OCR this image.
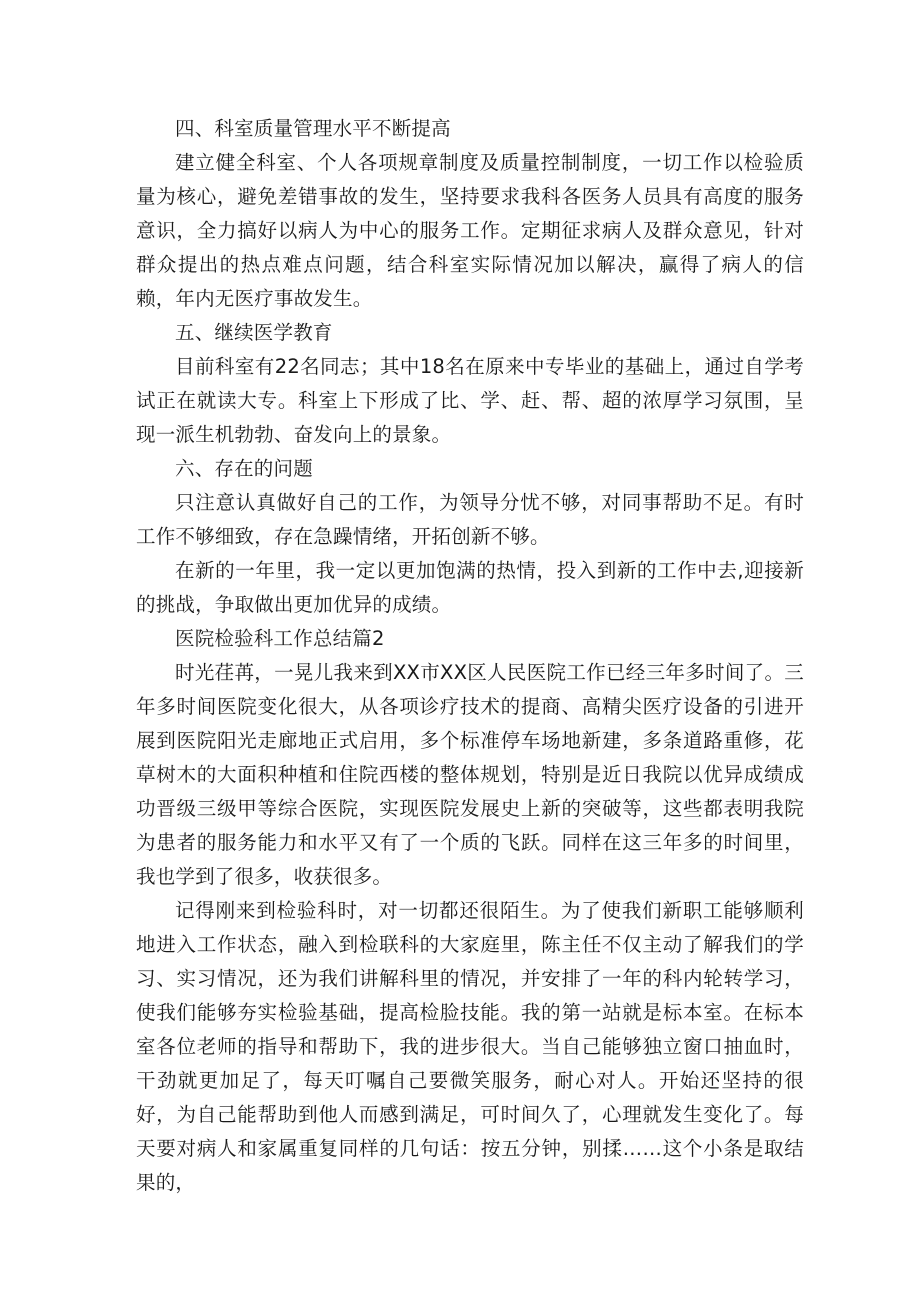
四、科室质量管理水平不断提高

建立健全科室、个人各项规章制度及质量控制制度，一切工作以检验质量为核心，避免差错事故的发生，坚持要求我科各医务人员具有高度的服务意识，全力搞好以病人为中心的服务工作。定期征求病人及群众意见，针对群众提出的热点难点问题，结合科室实际情况加以解决，赢得了病人的信赖，年内无医疗事故发生。

五、继续医学教育

目前科室有22名同志；其中18名在原来中专毕业的基础上，通过自学考试正在就读大专。科室上下形成了比、学、赶、帮、超的浓厚学习氛围，呈现一派生机勃勃、奋发向上的景象。

六、存在的问题

只注意认真做好自己的工作，为领导分忧不够，对同事帮助不足。有时工作不够细致，存在急躁情绪，开拓创新不够。

在新的一年里，我一定以更加饱满的热情，投入到新的工作中去,迎接新的挑战，争取做出更加优异的成绩。

医院检验科工作总结篇2

时光荏苒，一晃儿我来到XX市XX区人民医院工作已经三年多时间了。三年多时间医院变化很大，从各项诊疗技术的提商、高精尖医疗设备的引进开展到医院阳光走廊地正式启用，多个标准停车场地新建，多条道路重修，花草树木的大面积种植和住院西楼的整体规划，特别是近日我院以优异成绩成功晋级三级甲等综合医院，实现医院发展史上新的突破等，这些都表明我院为患者的服务能力和水平又有了一个质的飞跃。同样在这三年多的时间里，我也学到了很多，收获很多。

记得刚来到检验科时，对一切都还很陌生。为了使我们新职工能够顺利地进入工作状态，融入到检联科的大家庭里，陈主任不仅主动了解我们的学习、实习情况，还为我们讲解科里的情况，并安排了一年的科内轮转学习，使我们能够夯实检验基础，提高检脸技能。我的第一站就是标本室。在标本室各位老师的指导和帮助下，我的进步很大。当自己能够独立窗口抽血时，干劲就更加足了，每天叮嘱自己要微笑服务，耐心对人。开始还坚持的很好，为自己能帮助到他人而感到满足，可时间久了，心理就发生变化了。每天要对病人和家属重复同样的几句话：按五分钟，别揉……这个小条是取结果的，
